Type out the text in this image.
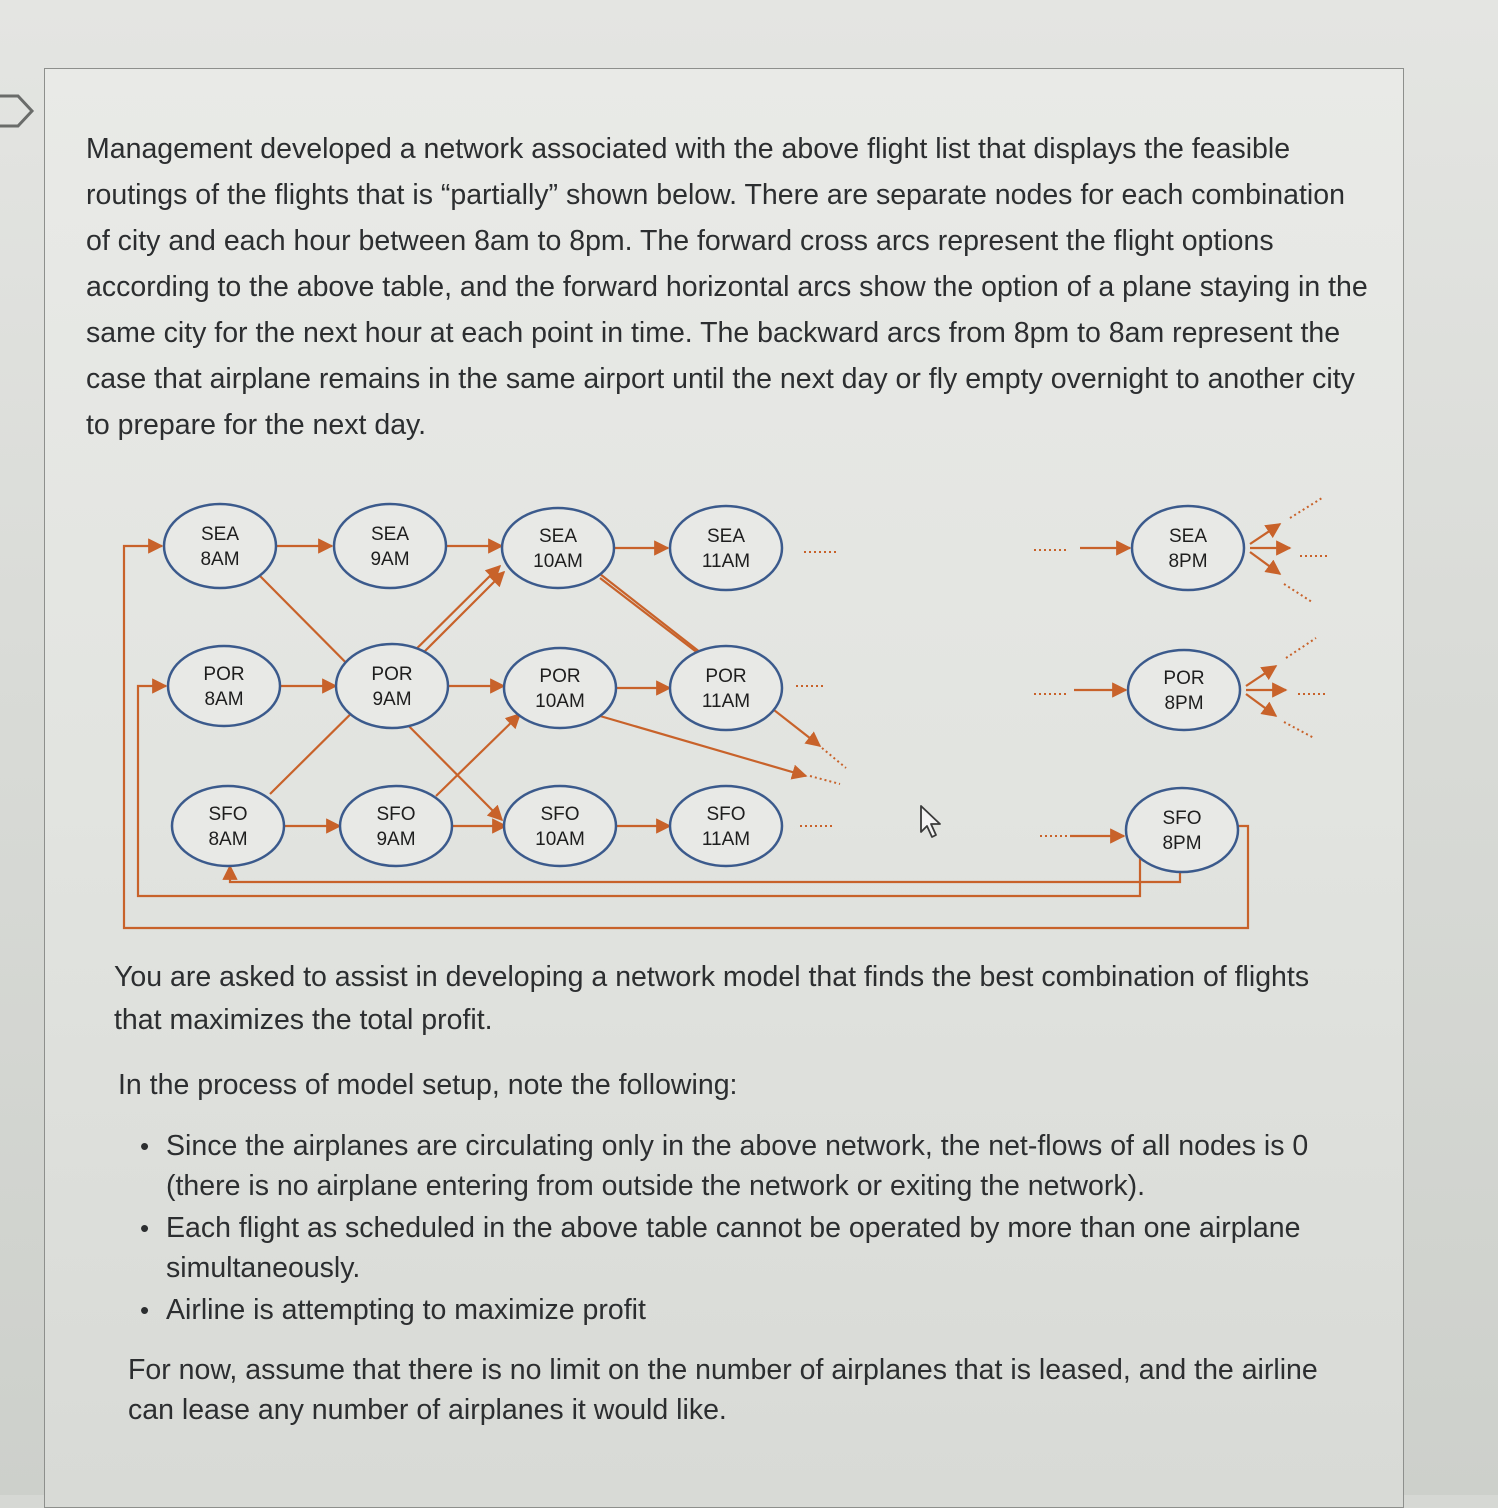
Management developed a network associated with the above flight list that displays the feasible routings of the flights that is “partially” shown below. There are separate nodes for each combination of city and each hour between 8am to 8pm. The forward cross arcs represent the flight options according to the above table, and the forward horizontal arcs show the option of a plane staying in the same city for the next hour at each point in time. The backward arcs from 8pm to 8am represent the case that airplane remains in the same airport until the next day or fly empty overnight to another city to prepare for the next day.

SEA
8AM
SEA
9AM
SEA
10AM
SEA
11AM
SEA
8PM
POR
8AM
POR
9AM
POR
10AM
POR
11AM
POR
8PM
SFO
8AM
SFO
9AM
SFO
10AM
SFO
11AM
SFO
8PM

You are asked to assist in developing a network model that finds the best combination of flights that maximizes the total profit.

In the process of model setup, note the following:

• Since the airplanes are circulating only in the above network, the net-flows of all nodes is 0 (there is no airplane entering from outside the network or exiting the network).
• Each flight as scheduled in the above table cannot be operated by more than one airplane simultaneously.
• Airline is attempting to maximize profit

For now, assume that there is no limit on the number of airplanes that is leased, and the airline can lease any number of airplanes it would like.
